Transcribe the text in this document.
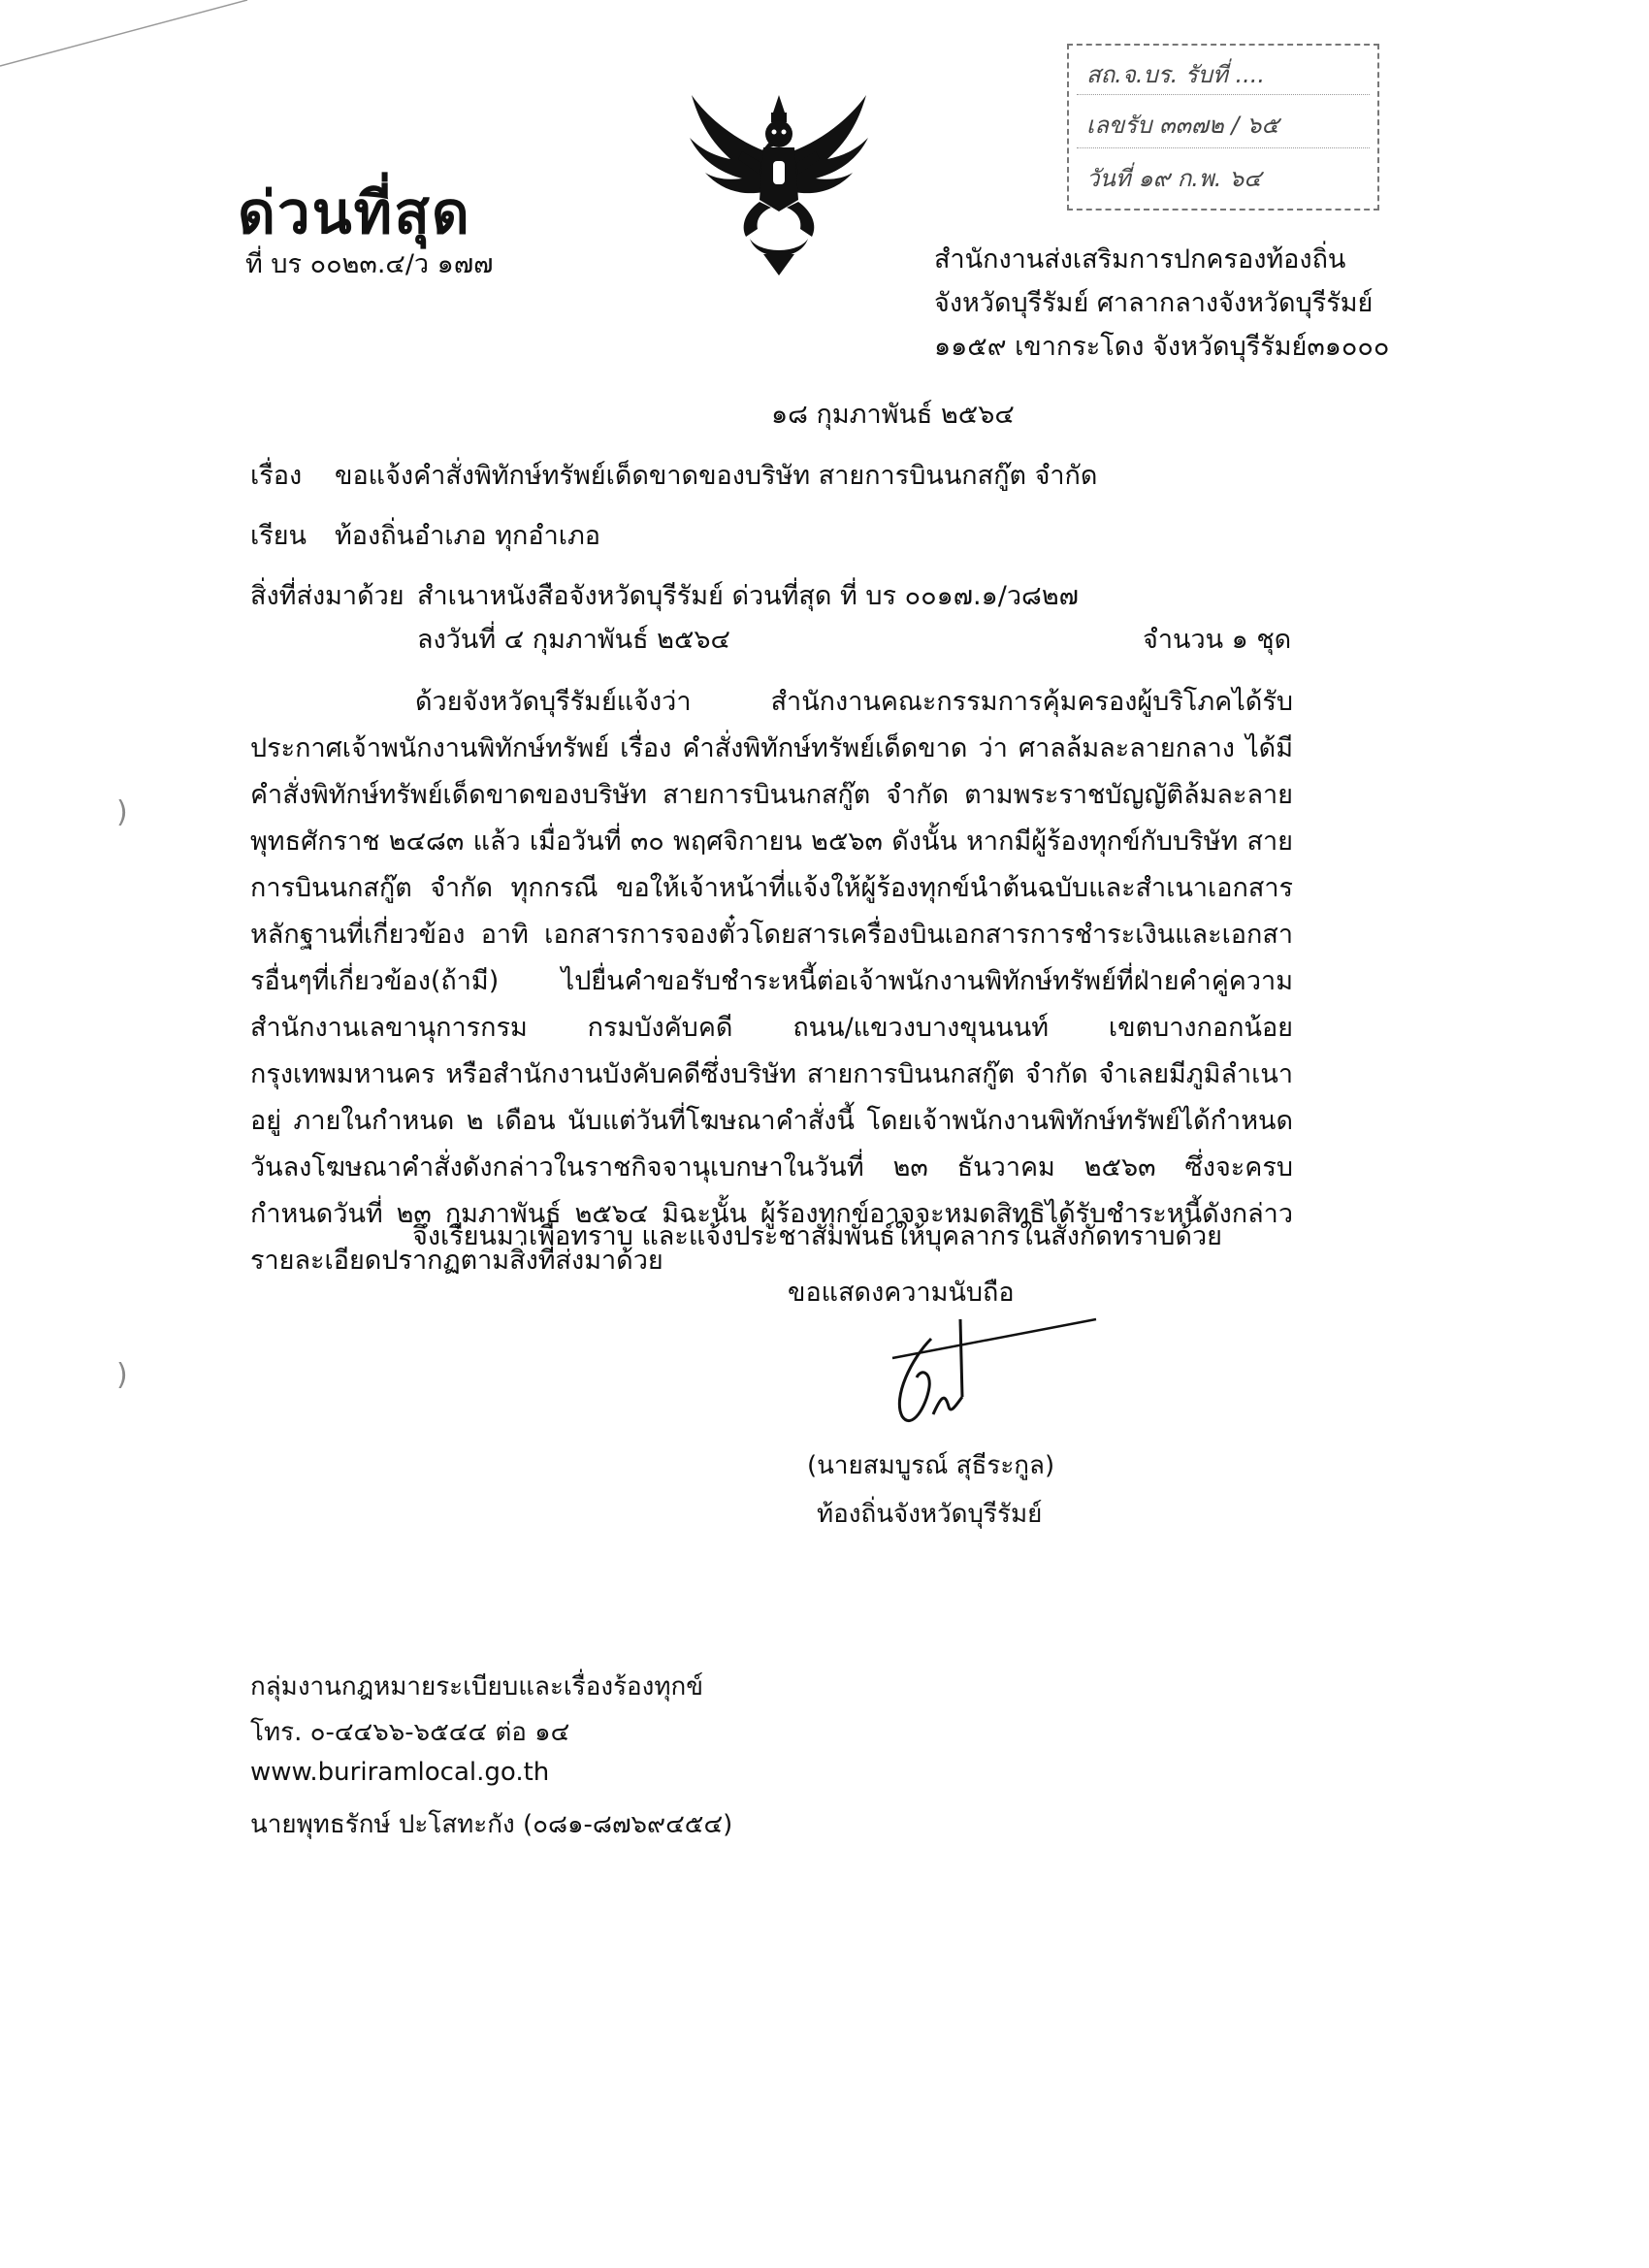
)
)
ด่วนที่สุด
ที่ บร ๐๐๒๓.๔/ว ๑๗๗
สถ.จ.บร. รับที่ ....
เลขรับ ๓๓๗๒ / ๖๕
วันที่ ๑๙ ก.พ. ๖๔
สำนักงานส่งเสริมการปกครองท้องถิ่น
จังหวัดบุรีรัมย์ ศาลากลางจังหวัดบุรีรัมย์
๑๑๕๙ เขากระโดง จังหวัดบุรีรัมย์๓๑๐๐๐
๑๘ กุมภาพันธ์ ๒๕๖๔
เรื่อง ขอแจ้งคำสั่งพิทักษ์ทรัพย์เด็ดขาดของบริษัท สายการบินนกสกู๊ต จำกัด
เรียน ท้องถิ่นอำเภอ ทุกอำเภอ
สิ่งที่ส่งมาด้วย สำเนาหนังสือจังหวัดบุรีรัมย์ ด่วนที่สุด ที่ บร ๐๐๑๗.๑/ว๘๒๗
ลงวันที่ ๔ กุมภาพันธ์ ๒๕๖๔	จำนวน ๑ ชุด
ด้วยจังหวัดบุรีรัมย์แจ้งว่า สำนักงานคณะกรรมการคุ้มครองผู้บริโภคได้รับประกาศเจ้าพนักงานพิทักษ์ทรัพย์ เรื่อง คำสั่งพิทักษ์ทรัพย์เด็ดขาด ว่า ศาลล้มละลายกลาง ได้มีคำสั่งพิทักษ์ทรัพย์เด็ดขาดของบริษัท สายการบินนกสกู๊ต จำกัด ตามพระราชบัญญัติล้มละลายพุทธศักราช ๒๔๘๓ แล้ว เมื่อวันที่ ๓๐ พฤศจิกายน ๒๕๖๓ ดังนั้น หากมีผู้ร้องทุกข์กับบริษัท สายการบินนกสกู๊ต จำกัด ทุกกรณี ขอให้เจ้าหน้าที่แจ้งให้ผู้ร้องทุกข์นำต้นฉบับและสำเนาเอกสารหลักฐานที่เกี่ยวข้อง อาทิ เอกสารการจองตั๋วโดยสารเครื่องบินเอกสารการชำระเงินและเอกสารอื่นๆที่เกี่ยวข้อง(ถ้ามี) ไปยื่นคำขอรับชำระหนี้ต่อเจ้าพนักงานพิทักษ์ทรัพย์ที่ฝ่ายคำคู่ความ สำนักงานเลขานุการกรม กรมบังคับคดี ถนน/แขวงบางขุนนนท์ เขตบางกอกน้อย กรุงเทพมหานคร หรือสำนักงานบังคับคดีซึ่งบริษัท สายการบินนกสกู๊ต จำกัด จำเลยมีภูมิลำเนาอยู่ ภายในกำหนด ๒ เดือน นับแต่วันที่โฆษณาคำสั่งนี้ โดยเจ้าพนักงานพิทักษ์ทรัพย์ได้กำหนดวันลงโฆษณาคำสั่งดังกล่าวในราชกิจจานุเบกษาในวันที่ ๒๓ ธันวาคม ๒๕๖๓ ซึ่งจะครบกำหนดวันที่ ๒๓ กุมภาพันธ์ ๒๕๖๔ มิฉะนั้น ผู้ร้องทุกข์อาจจะหมดสิทธิได้รับชำระหนี้ดังกล่าว รายละเอียดปรากฏตามสิ่งที่ส่งมาด้วย
จึงเรียนมาเพื่อทราบ และแจ้งประชาสัมพันธ์ให้บุคลากรในสังกัดทราบด้วย
ขอแสดงความนับถือ
(นายสมบูรณ์ สุธีระกูล)
ท้องถิ่นจังหวัดบุรีรัมย์
กลุ่มงานกฎหมายระเบียบและเรื่องร้องทุกข์
โทร. ๐-๔๔๖๖-๖๕๔๔ ต่อ ๑๔
www.buriramlocal.go.th
นายพุทธรักษ์ ปะโสทะกัง (๐๘๑-๘๗๖๙๔๕๔)
